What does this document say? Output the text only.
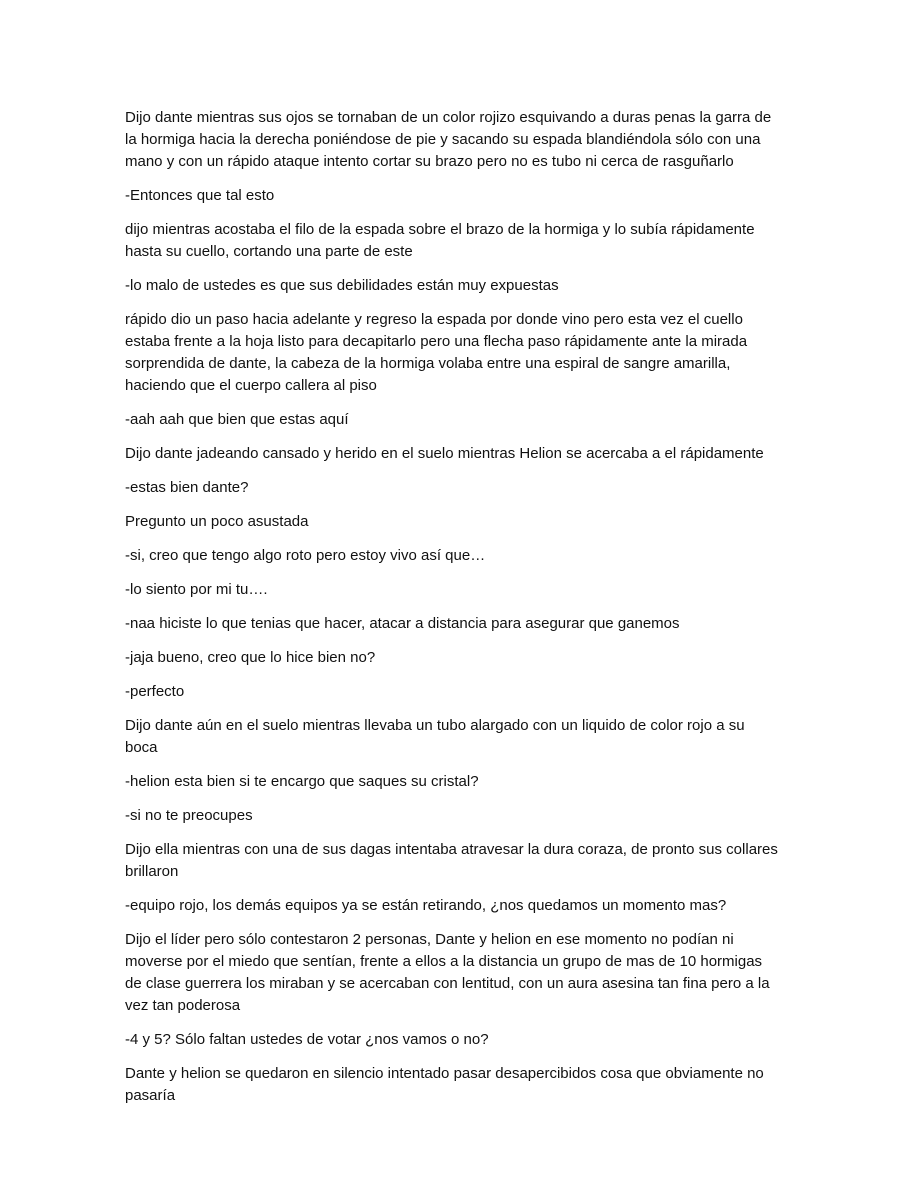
Dijo dante mientras sus ojos se tornaban de un color rojizo esquivando a duras penas la garra de la hormiga hacia la derecha poniéndose de pie y sacando su espada blandiéndola sólo con una mano y con un rápido ataque intento cortar su brazo pero no es tubo ni cerca de rasguñarlo

-Entonces que tal esto

dijo mientras acostaba el filo de la espada sobre el brazo de la hormiga y lo subía rápidamente hasta su cuello, cortando una parte de este

-lo malo de ustedes es que sus debilidades están muy expuestas

rápido dio un paso hacia adelante y regreso la espada por donde vino pero esta vez el cuello estaba frente a la hoja listo para decapitarlo pero una flecha paso rápidamente ante la mirada sorprendida de dante, la cabeza de la hormiga volaba entre una espiral de sangre amarilla, haciendo que el cuerpo callera al piso

-aah aah que bien que estas aquí

Dijo dante jadeando cansado y herido en el suelo mientras Helion se acercaba a el rápidamente

-estas bien dante?

Pregunto un poco asustada

-si, creo que tengo algo roto pero estoy vivo así que…

-lo siento por mi tu….

-naa hiciste lo que tenias que hacer, atacar a distancia para asegurar que ganemos

-jaja bueno, creo que lo hice bien no?

-perfecto

Dijo dante aún en el suelo mientras llevaba un tubo alargado con un liquido de color rojo a su boca

-helion esta bien si te encargo que saques su cristal?

-si no te preocupes

Dijo ella mientras con una de sus dagas intentaba atravesar la dura coraza, de pronto sus collares brillaron

-equipo rojo, los demás equipos ya se están retirando, ¿nos quedamos un momento mas?

Dijo el líder pero sólo contestaron 2 personas, Dante y helion en ese momento no podían ni moverse por el miedo que sentían, frente a ellos a la distancia un grupo de mas de 10 hormigas de clase guerrera los miraban y se acercaban con lentitud, con un aura asesina tan fina pero a la vez tan poderosa

-4 y 5? Sólo faltan ustedes de votar ¿nos vamos o no?

Dante y helion se quedaron en silencio intentado pasar desapercibidos cosa que obviamente no pasaría
